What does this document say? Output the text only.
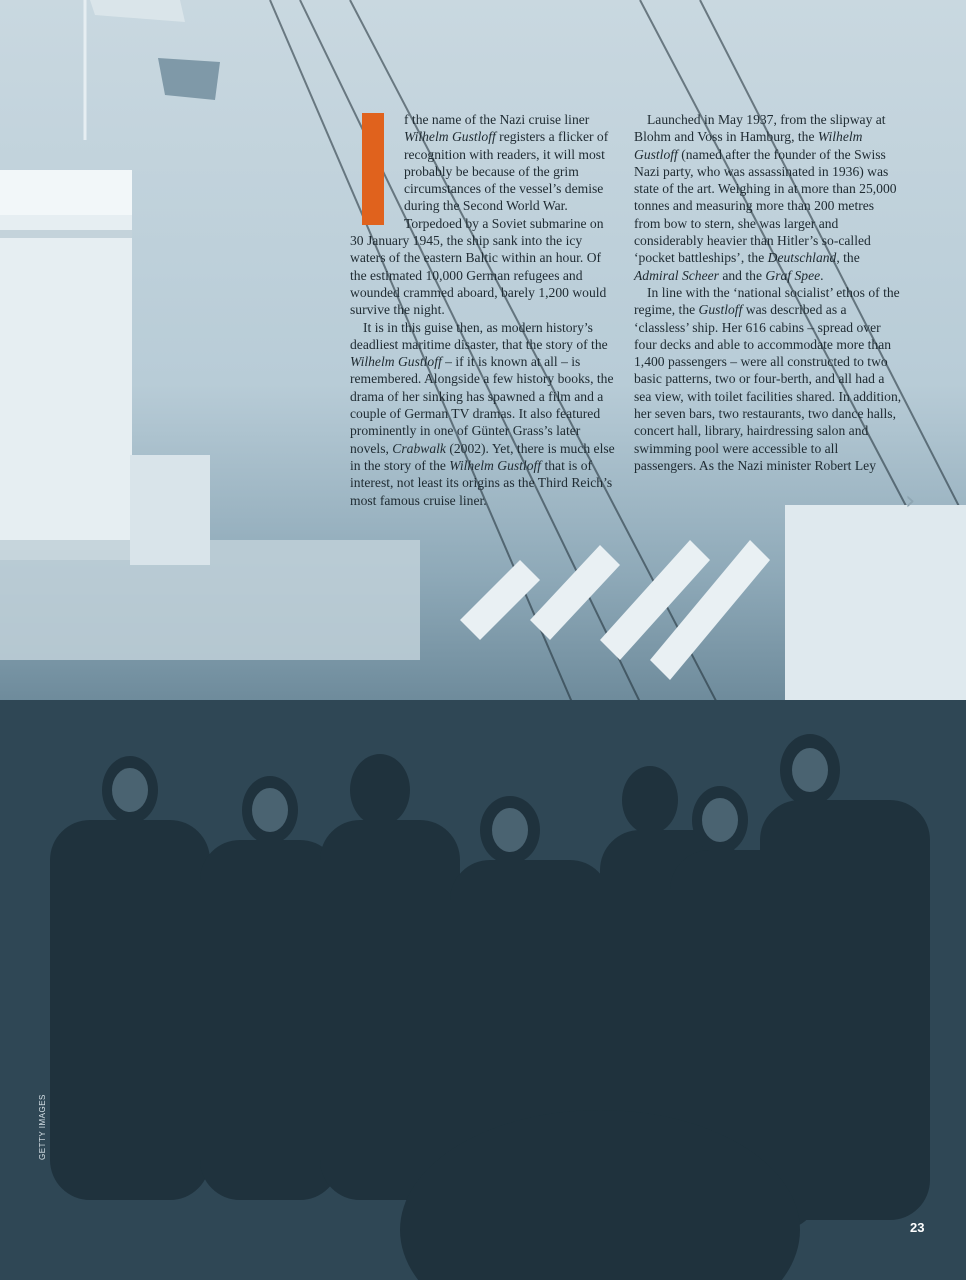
f the name of the Nazi cruise liner Wilhelm Gustloff registers a flicker of recognition with readers, it will most probably be because of the grim circumstances of the vessel’s demise during the Second World War. Torpedoed by a Soviet submarine on 30 January 1945, the ship sank into the icy waters of the eastern Baltic within an hour. Of the estimated 10,000 German refugees and wounded crammed aboard, barely 1,200 would survive the night.

It is in this guise then, as modern history’s deadliest maritime disaster, that the story of the Wilhelm Gustloff – if it is known at all – is remembered. Alongside a few history books, the drama of her sinking has spawned a film and a couple of German TV dramas. It also featured prominently in one of Günter Grass’s later novels, Crabwalk (2002). Yet, there is much else in the story of the Wilhelm Gustloff that is of interest, not least its origins as the Third Reich’s most famous cruise liner.

Launched in May 1937, from the slipway at Blohm and Voss in Hamburg, the Wilhelm Gustloff (named after the founder of the Swiss Nazi party, who was assassinated in 1936) was state of the art. Weighing in at more than 25,000 tonnes and measuring more than 200 metres from bow to stern, she was larger and considerably heavier than Hitler’s so-called ‘pocket battleships’, the Deutschland, the Admiral Scheer and the Graf Spee.

In line with the ‘national socialist’ ethos of the regime, the Gustloff was described as a ‘classless’ ship. Her 616 cabins – spread over four decks and able to accommodate more than 1,400 passengers – were all constructed to two basic patterns, two or four-berth, and all had a sea view, with toilet facilities shared. In addition, her seven bars, two restaurants, two dance halls, concert hall, library, hairdressing salon and swimming pool were accessible to all passengers. As the Nazi minister Robert Ley

›
GETTY IMAGES
23
